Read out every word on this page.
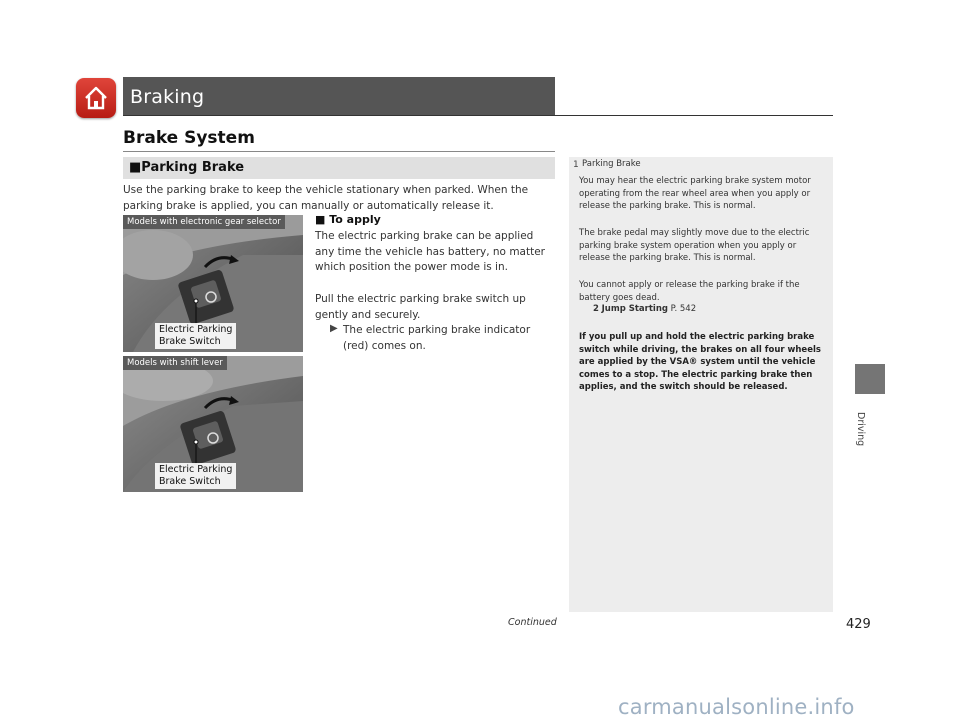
Braking
Brake System
■Parking Brake
Use the parking brake to keep the vehicle stationary when parked. When the parking brake is applied, you can manually or automatically release it.
Models with electronic gear selector
Electric Parking
Brake Switch
Models with shift lever
Electric Parking
Brake Switch
■ To apply
The electric parking brake can be applied any time the vehicle has battery, no matter which position the power mode is in.
Pull the electric parking brake switch up gently and securely.
▶ The electric parking brake indicator (red) comes on.
1 Parking Brake
You may hear the electric parking brake system motor operating from the rear wheel area when you apply or release the parking brake. This is normal.
The brake pedal may slightly move due to the electric parking brake system operation when you apply or release the parking brake. This is normal.
You cannot apply or release the parking brake if the battery goes dead.
2 Jump Starting P. 542
If you pull up and hold the electric parking brake switch while driving, the brakes on all four wheels are applied by the VSA® system until the vehicle comes to a stop. The electric parking brake then applies, and the switch should be released.
Driving
Continued	429
carmanualsonline.info
